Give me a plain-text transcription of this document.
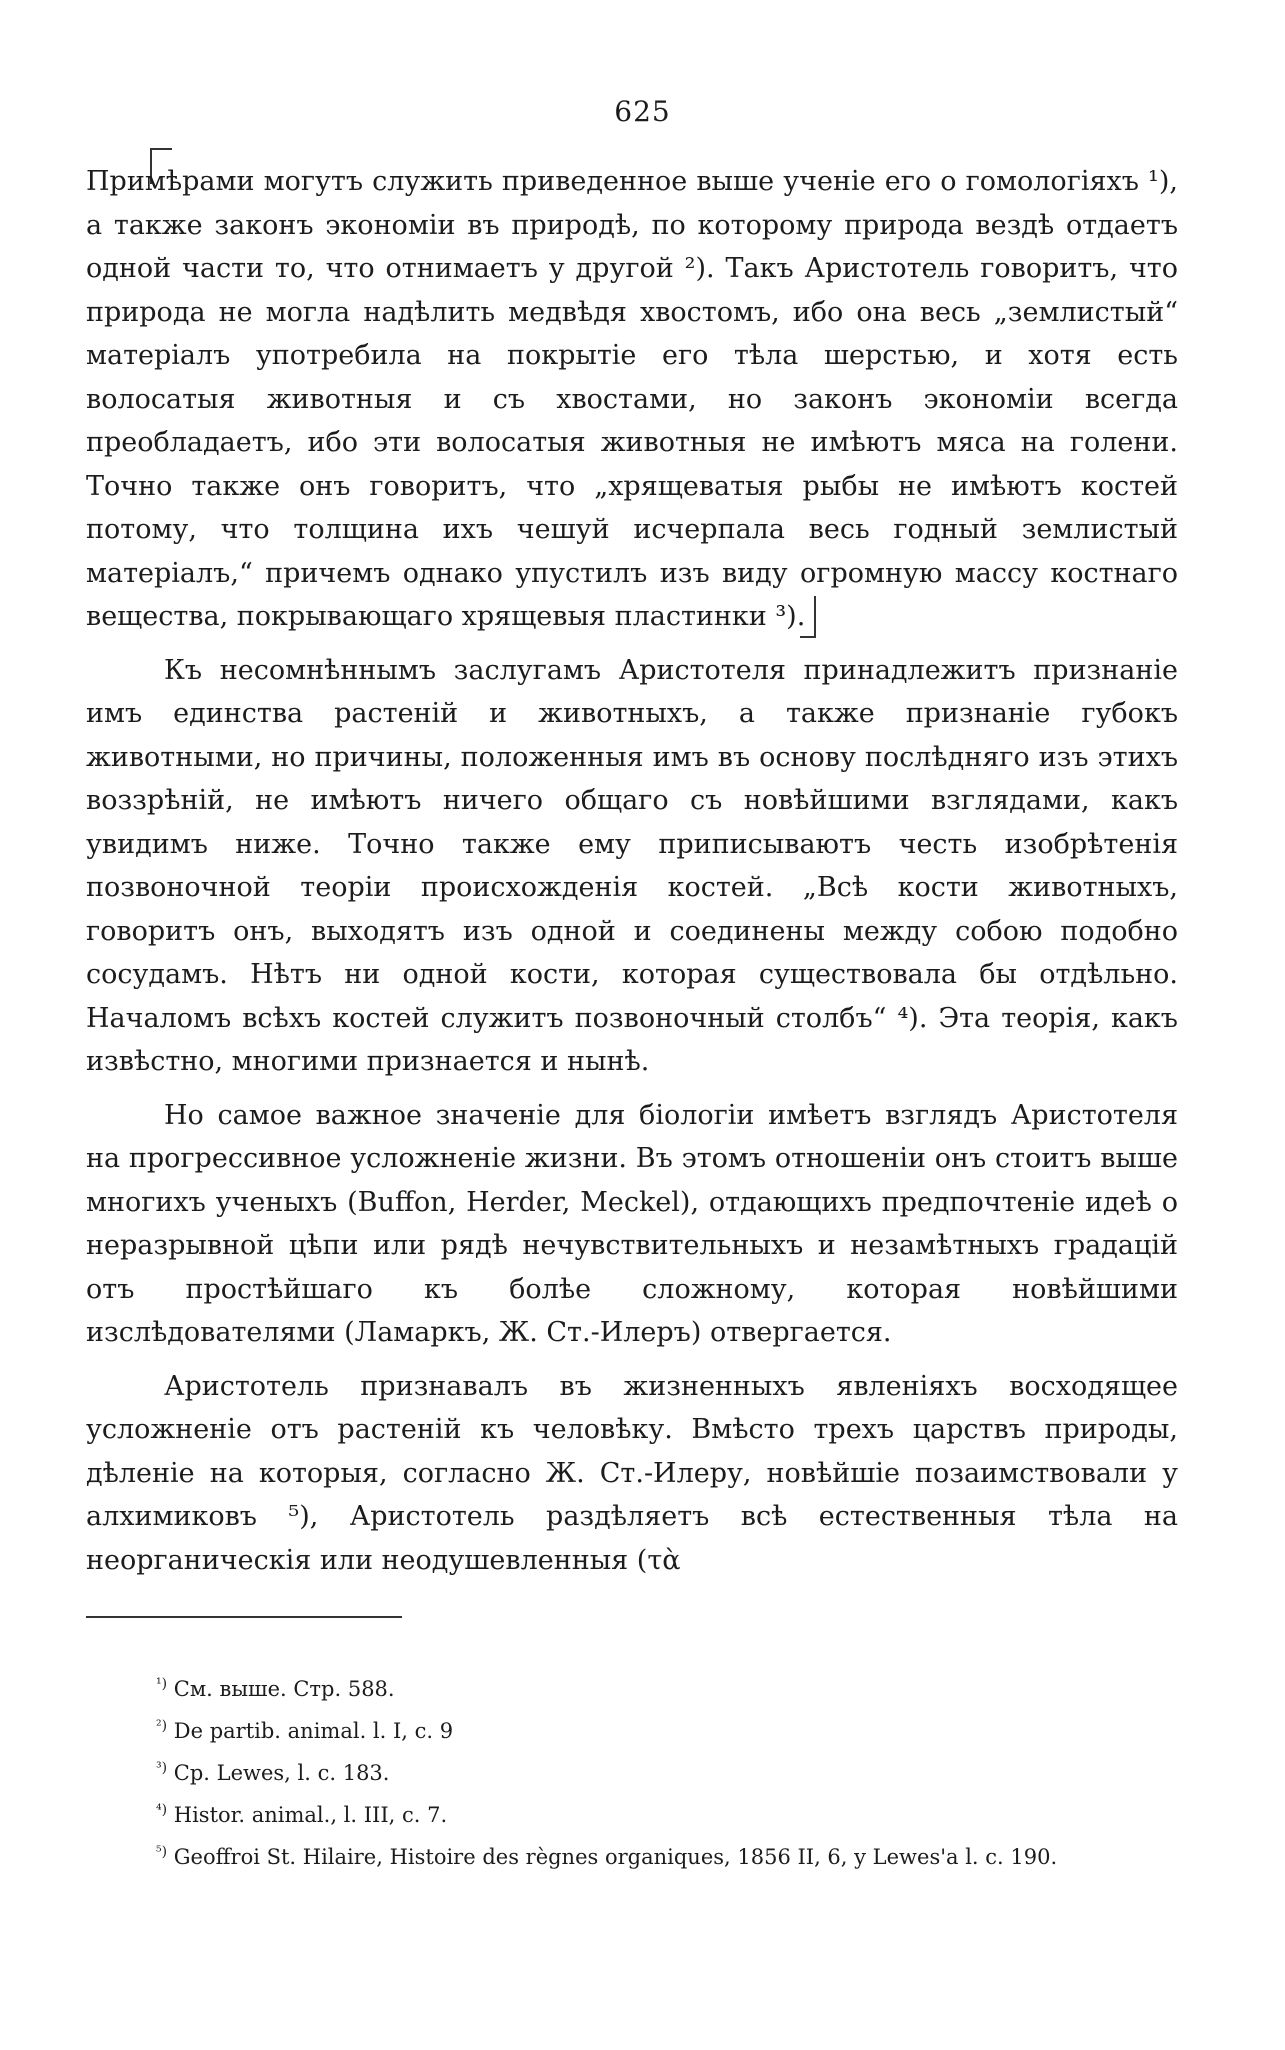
625

Примѣрами могутъ служить приведенное выше ученіе его о гомологіяхъ ¹), а также законъ экономіи въ природѣ, по которому природа вездѣ отдаетъ одной части то, что отнимаетъ у другой ²). Такъ Аристотель говоритъ, что природа не могла надѣлить медвѣдя хвостомъ, ибо она весь „землистый“ матеріалъ употребила на покрытіе его тѣла шерстью, и хотя есть волосатыя животныя и съ хвостами, но законъ экономіи всегда преобладаетъ, ибо эти волосатыя животныя не имѣютъ мяса на голени. Точно также онъ говоритъ, что „хрящеватыя рыбы не имѣютъ костей потому, что толщина ихъ чешуй исчерпала весь годный землистый матеріалъ,“ причемъ однако упустилъ изъ виду огромную массу костнаго вещества, покрывающаго хрящевыя пластинки ³).

Къ несомнѣннымъ заслугамъ Аристотеля принадлежитъ признаніе имъ единства растеній и животныхъ, а также признаніе губокъ животными, но причины, положенныя имъ въ основу послѣдняго изъ этихъ воззрѣній, не имѣютъ ничего общаго съ новѣйшими взглядами, какъ увидимъ ниже. Точно также ему приписываютъ честь изобрѣтенія позвоночной теоріи происхожденія костей. „Всѣ кости животныхъ, говоритъ онъ, выходятъ изъ одной и соединены между собою подобно сосудамъ. Нѣтъ ни одной кости, которая существовала бы отдѣльно. Началомъ всѣхъ костей служитъ позвоночный столбъ“ ⁴). Эта теорія, какъ извѣстно, многими признается и нынѣ.

Но самое важное значеніе для біологіи имѣетъ взглядъ Аристотеля на прогрессивное усложненіе жизни. Въ этомъ отношеніи онъ стоитъ выше многихъ ученыхъ (Buffon, Herder, Meckel), отдающихъ предпочтеніе идеѣ о неразрывной цѣпи или рядѣ нечувствительныхъ и незамѣтныхъ градацій отъ простѣйшаго къ болѣе сложному, которая новѣйшими изслѣдователями (Ламаркъ, Ж. Ст.-Илеръ) отвергается.

Аристотель признавалъ въ жизненныхъ явленіяхъ восходящее усложненіе отъ растеній къ человѣку. Вмѣсто трехъ царствъ природы, дѣленіе на которыя, согласно Ж. Ст.-Илеру, новѣйшіе позаимствовали у алхимиковъ ⁵), Аристотель раздѣляетъ всѣ естественныя тѣла на неорганическія или неодушевленныя (τὰ

$^{^1)}$ См. выше. Стр. 588.

$^{^2)}$ De partib. animal. l. I, c. 9

$^{^3)}$ Cp. Lewes, l. c. 183.

$^{^4)}$ Histor. animal., l. III, c. 7.

$^{^5)}$ Geoffroi St. Hilaire, Histoire des règnes organiques, 1856 II, 6, y Lewes'a l. c. 190.
